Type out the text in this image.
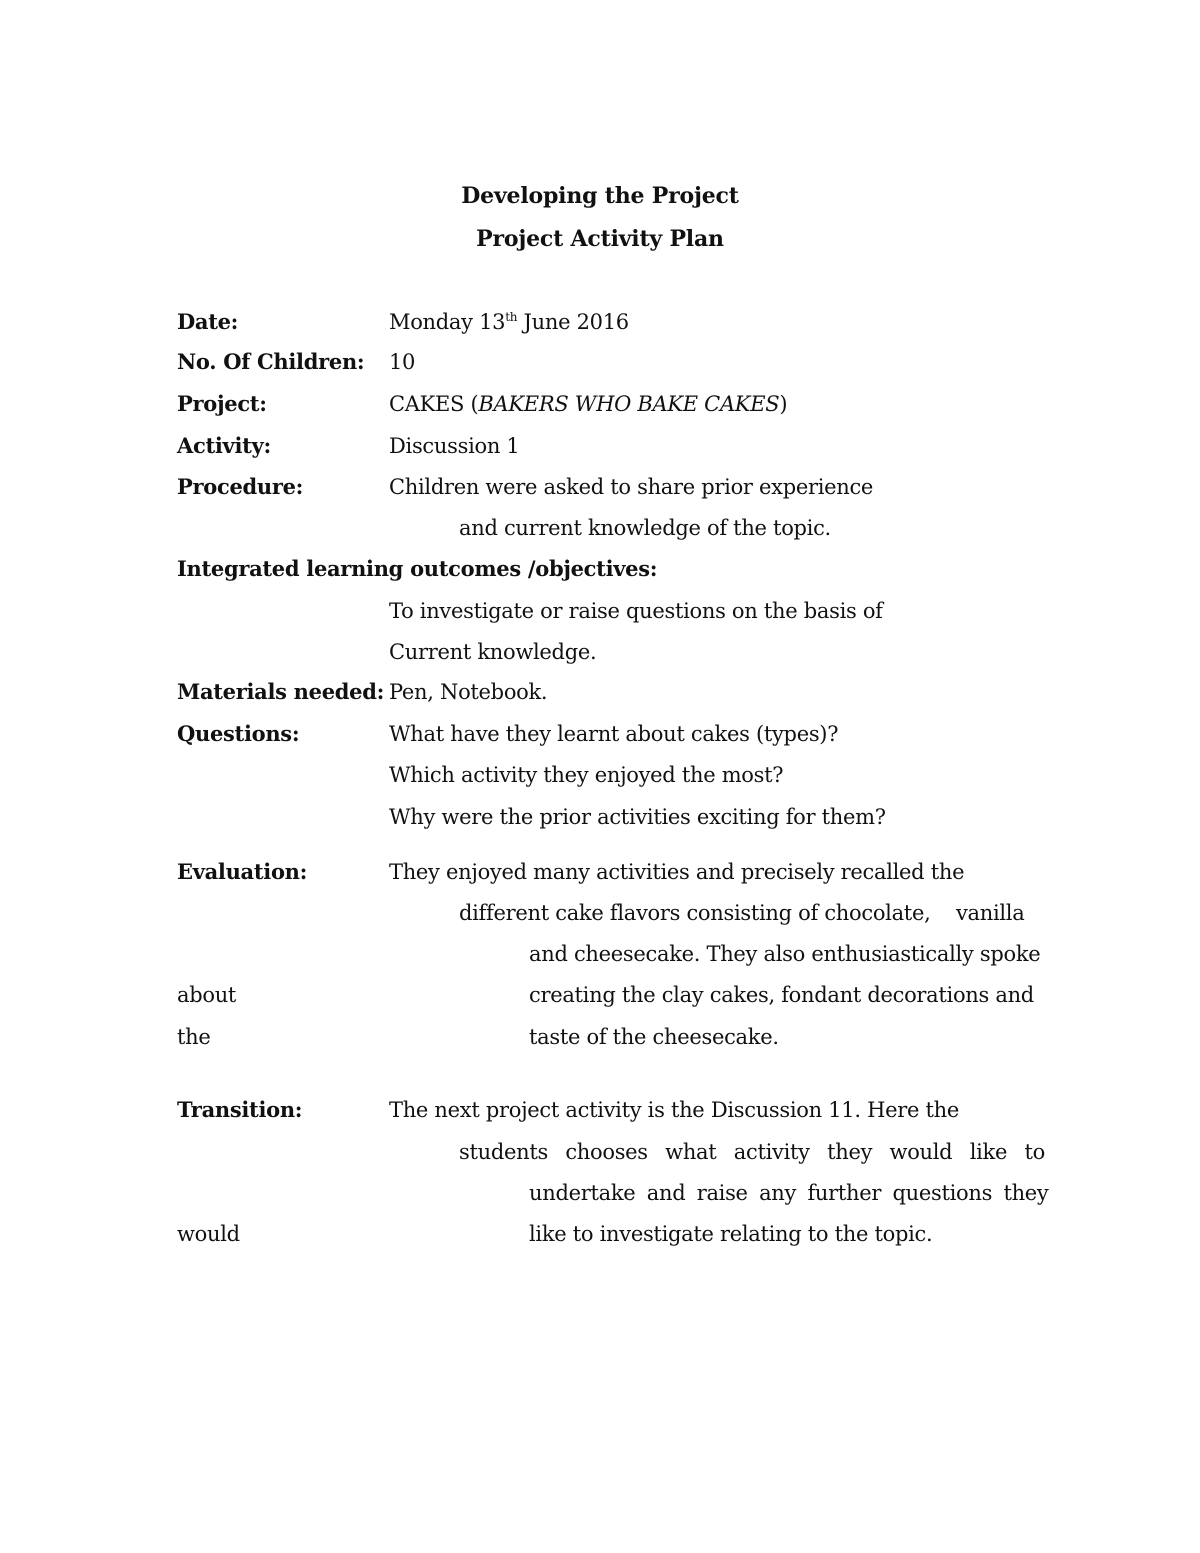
Developing the Project
Project Activity Plan
Date:	Monday 13th June 2016
No. Of Children: 10
Project:	CAKES (BAKERS WHO BAKE CAKES)
Activity:	Discussion 1
Procedure:	Children were asked to share prior experience
and current knowledge of the topic.
Integrated learning outcomes /objectives:
To investigate or raise questions on the basis of
Current knowledge.
Materials needed: Pen, Notebook.
Questions:	What have they learnt about cakes (types)?
Which activity they enjoyed the most?
Why were the prior activities exciting for them?
Evaluation:	They enjoyed many activities and precisely recalled the
different cake flavors consisting of chocolate,    vanilla
and cheesecake. They also enthusiastically spoke
about	creating the clay cakes, fondant decorations and
the	taste of the cheesecake.
Transition:	The next project activity is the Discussion 11. Here the
students chooses what activity they would like to
undertake and raise any further questions they
would	like to investigate relating to the topic.
